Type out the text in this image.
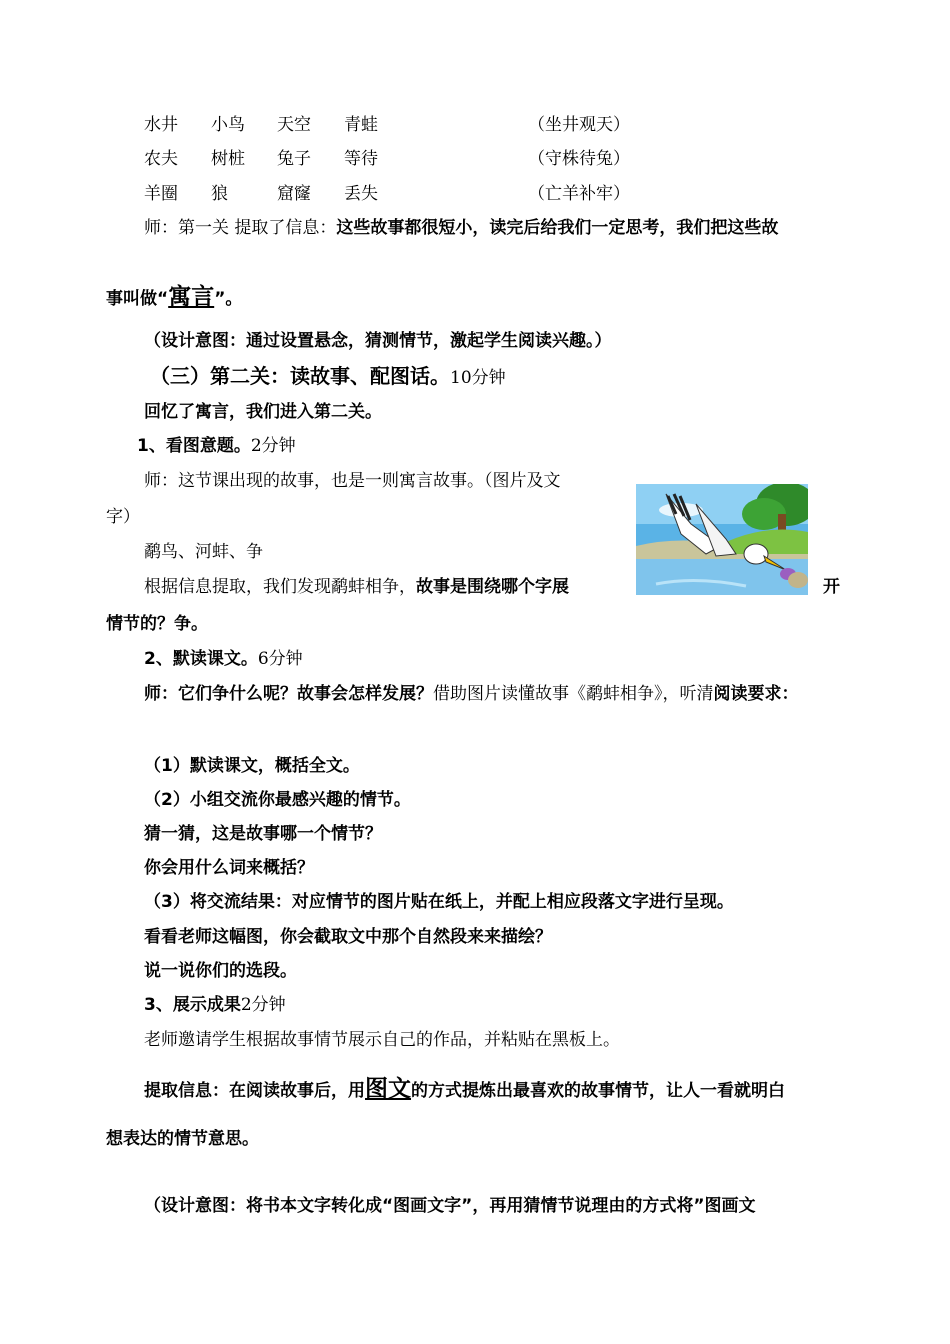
水井 小鸟 天空 青蛙	（坐井观天）
农夫 树桩 兔子 等待	（守株待兔）
羊圈 狼	窟窿 丢失	（亡羊补牢）
师：第一关 提取了信息：这些故事都很短小，读完后给我们一定思考，我们把这些故
事叫做“寓言”。
（设计意图：通过设置悬念，猜测情节，激起学生阅读兴趣。）
（三）第二关：读故事、配图话。10分钟
回忆了寓言，我们进入第二关。
1、看图意题。2分钟
师：这节课出现的故事，也是一则寓言故事。（图片及文
字）
鹬鸟、河蚌、争
根据信息提取，我们发现鹬蚌相争，故事是围绕哪个字展	开
情节的？争。
2、默读课文。6分钟
师：它们争什么呢？故事会怎样发展？借助图片读懂故事《鹬蚌相争》，听清阅读要求：
（1）默读课文，概括全文。
（2）小组交流你最感兴趣的情节。
猜一猜，这是故事哪一个情节？
你会用什么词来概括？
（3）将交流结果：对应情节的图片贴在纸上，并配上相应段落文字进行呈现。
看看老师这幅图，你会截取文中那个自然段来来描绘？
说一说你们的选段。
3、展示成果2分钟
老师邀请学生根据故事情节展示自己的作品，并粘贴在黑板上。
提取信息：在阅读故事后，用图文的方式提炼出最喜欢的故事情节，让人一看就明白
想表达的情节意思。
（设计意图：将书本文字转化成“图画文字”，再用猜情节说理由的方式将”图画文
